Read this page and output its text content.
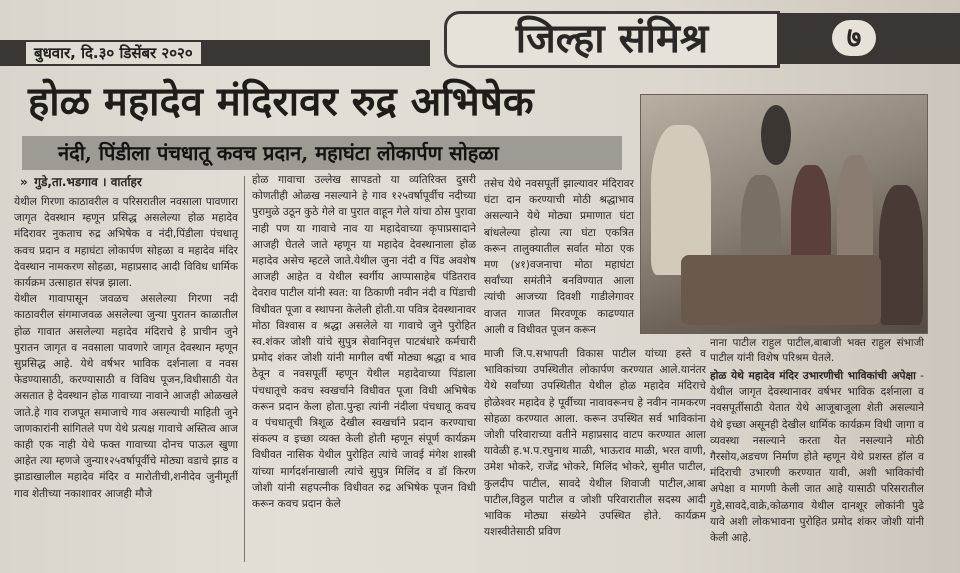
बुधवार, दि.३० डिसेंबर २०२०	जिल्हा संमिश्र	७
होळ महादेव मंदिरावर रुद्र अभिषेक
नंदी, पिंडीला पंचधातू कवच प्रदान, महाघंटा लोकार्पण सोहळा
» गुडे,ता.भडगाव । वार्ताहर

येथील गिरणा काठावरील व परिसरातील नवसाला पावणारा जागृत देवस्थान म्हणून प्रसिद्ध असलेल्या होळ महादेव मंदिरावर नुकताच रुद्र अभिषेक व नंदी,पिंडीला पंचधातू कवच प्रदान व महाघंटा लोकार्पण सोहळा व महादेव मंदिर देवस्थान नामकरण सोहळा, महाप्रसाद आदी विविध धार्मिक कार्यक्रम उत्साहात संपन्न झाला.

येथील गावापासून जवळच असलेल्या गिरणा नदी काठावरील संगमाजवळ असलेल्या जुन्या पुरातन काळातील होळ गावात असलेल्या महादेव मंदिराचे हे प्राचीन जुने पुरातन जागृत व नवसाला पावणारे जागृत देवस्थान म्हणून सुप्रसिद्ध आहे. येथे वर्षभर भाविक दर्शनाला व नवस फेडण्यासाठी, करण्यासाठी व विविध पूजन,विधीसाठी येत असतात हे देवस्थान होळ गावाच्या नावाने आजही ओळखले जाते.हे गाव राजपूत समाजाचे गाव असल्याची माहिती जुने जाणकारांनी सांगितले पण येथे प्रत्यक्ष गावाचे अस्तित्व आज काही एक नाही येथे फक्त गावाच्या दोनच पाऊल खुणा आहेत त्या म्हणजे जुन्या१२५वर्षापूर्वीचे मोठ्या वडाचे झाड व झाडाखालील महादेव मंदिर व मारोतीची,शनीदेव जुनीमूर्ती गाव शेतीच्या नकाशावर आजही मौजे

होळ गावाचा उल्लेख सापडतो या व्यतिरिक्त दुसरी कोणतीही ओळख नसल्याने हे गाव १२५वर्षापूर्वीच नदीच्या पुरामुळे उठून कुठे गेले वा पुरात वाहून गेले यांचा ठोस पुरावा नाही पण या गावाचे नाव या महादेवाच्या कृपाप्रसादाने आजही घेतले जाते म्हणून या महादेव देवस्थानाला होळ महादेव असेच म्हटले जाते.येथील जुना नंदी व पिंड अवशेष आजही आहेत व येथील स्वर्गीय आप्पासाहेब पंडितराव देवराव पाटील यांनी स्वत: या ठिकाणी नवीन नंदी व पिंडाची विधीवत पूजा व स्थापना केलेली होती.या पवित्र देवस्थानावर मोठा विश्वास व श्रद्धा असलेले या गावाचे जुने पुरोहित स्व.शंकर जोशी यांचे सुपुत्र सेवानिवृत्त पाटबंधारे कर्मचारी प्रमोद शंकर जोशी यांनी मागील वर्षी मोठ्या श्रद्धा व भाव ठेवून व नवसपूर्ती म्हणून येथील महादेवाच्या पिंडाला पंचधातूचे कवच स्वखर्चाने विधीवत पूजा विधी अभिषेक करून प्रदान केला होता.पुन्हा त्यांनी नंदीला पंचधातू कवच व पंचधातूची त्रिशूळ देखील स्वखर्चाने प्रदान करण्याचा संकल्प व इच्छा व्यक्त केली होती म्हणून संपूर्ण कार्यक्रम विधीवत नासिक येथील पुरोहित त्यांचे जावई मंगेश शास्त्री यांच्या मार्गदर्शनाखाली त्यांचे सुपुत्र मिलिंद व डॉ किरण जोशी यांनी सहपत्नीक विधीवत रुद्र अभिषेक पूजन विधी करून कवच प्रदान केले

तसेच येथे नवसपूर्ती झाल्यावर मंदिरावर घंटा दान करण्याची मोठी श्रद्धाभाव असल्याने येथे मोठ्या प्रमाणात घंटा बांधलेल्या होत्या त्या घंटा एकत्रित करून तालुक्यातील सर्वात मोठा एक मण (४१)वजनाचा मोठा महाघंटा सर्वांच्या समंतीने बनविण्यात आला त्यांची आजच्या दिवशी गाडीलेगावर वाजत गाजत मिरवणूक काढण्यात आली व विधीवत पूजन करून

माजी जि.प.सभापती विकास पाटील यांच्या हस्ते व भाविकांच्या उपस्थितीत लोकार्पण करण्यात आले.यानंतर येथे सर्वांच्या उपस्थितीत येथील होळ महादेव मंदिराचे होळेश्वर महादेव हे पूर्वीच्या नावावरूनच हे नवीन नामकरण सोहळा करण्यात आला. करून उपस्थित सर्व भाविकांना जोशी परिवाराच्या वतीने महाप्रसाद वाटप करण्यात आला यावेळी ह.भ.प.रघुनाथ माळी, भाऊराव माळी, भरत वाणी, उमेश भोकरे, राजेंद्र भोकरे, मिलिंद भोकरे, सुमीत पाटील, कुलदीप पाटील, सावदे येथील शिवाजी पाटील,आबा पाटील,विठ्ठल पाटील व जोशी परिवारातील सदस्य आदी भाविक मोठ्या संख्येने उपस्थित होते. कार्यक्रम यशस्वीतेसाठी प्रविण

नाना पाटील राहुल पाटील,बाबाजी भक्त राहुल संभाजी पाटील यांनी विशेष परिश्रम घेतले.

होळ येथे महादेव मंदिर उभारणीची भाविकांची अपेक्षा - येथील जागृत देवस्थानावर वर्षभर भाविक दर्शनाला व नवसपूर्तीसाठी येतात येथे आजूबाजूला शेती असल्याने येथे इच्छा असूनही देखील धार्मिक कार्यक्रम विधी जागा व व्यवस्था नसल्याने करता येत नसल्याने मोठी गैरसोय,अडचण निर्माण होते म्हणून येथे प्रशस्त हॉल व मंदिराची उभारणी करण्यात यावी, अशी भाविकांची अपेक्षा व मागणी केली जात आहे यासाठी परिसरातील गुडे,सावदे,वाक्रे,कोळगाव येथील दानशूर लोकांनी पुढे यावे अशी लोकभावना पुरोहित प्रमोद शंकर जोशी यांनी केली आहे.
